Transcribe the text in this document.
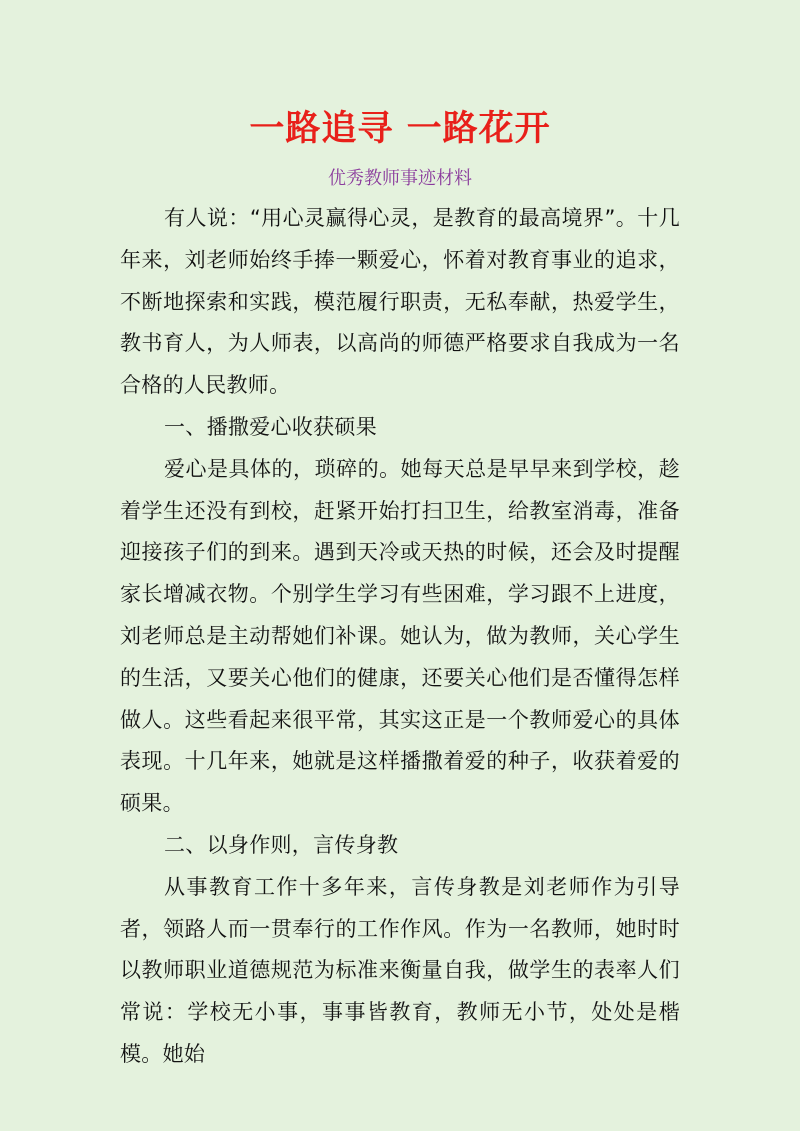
一路追寻 一路花开
优秀教师事迹材料

有人说：“用心灵赢得心灵，是教育的最高境界”。十几年来，刘老师始终手捧一颗爱心，怀着对教育事业的追求，不断地探索和实践，模范履行职责，无私奉献，热爱学生，教书育人，为人师表，以高尚的师德严格要求自我成为一名合格的人民教师。

一、播撒爱心收获硕果

爱心是具体的，琐碎的。她每天总是早早来到学校，趁着学生还没有到校，赶紧开始打扫卫生，给教室消毒，准备迎接孩子们的到来。遇到天冷或天热的时候，还会及时提醒家长增减衣物。个别学生学习有些困难，学习跟不上进度，刘老师总是主动帮她们补课。她认为，做为教师，关心学生的生活，又要关心他们的健康，还要关心他们是否懂得怎样做人。这些看起来很平常，其实这正是一个教师爱心的具体表现。十几年来，她就是这样播撒着爱的种子，收获着爱的硕果。

二、以身作则，言传身教

从事教育工作十多年来，言传身教是刘老师作为引导者，领路人而一贯奉行的工作作风。作为一名教师，她时时以教师职业道德规范为标准来衡量自我，做学生的表率人们常说：学校无小事，事事皆教育，教师无小节，处处是楷模。她始
